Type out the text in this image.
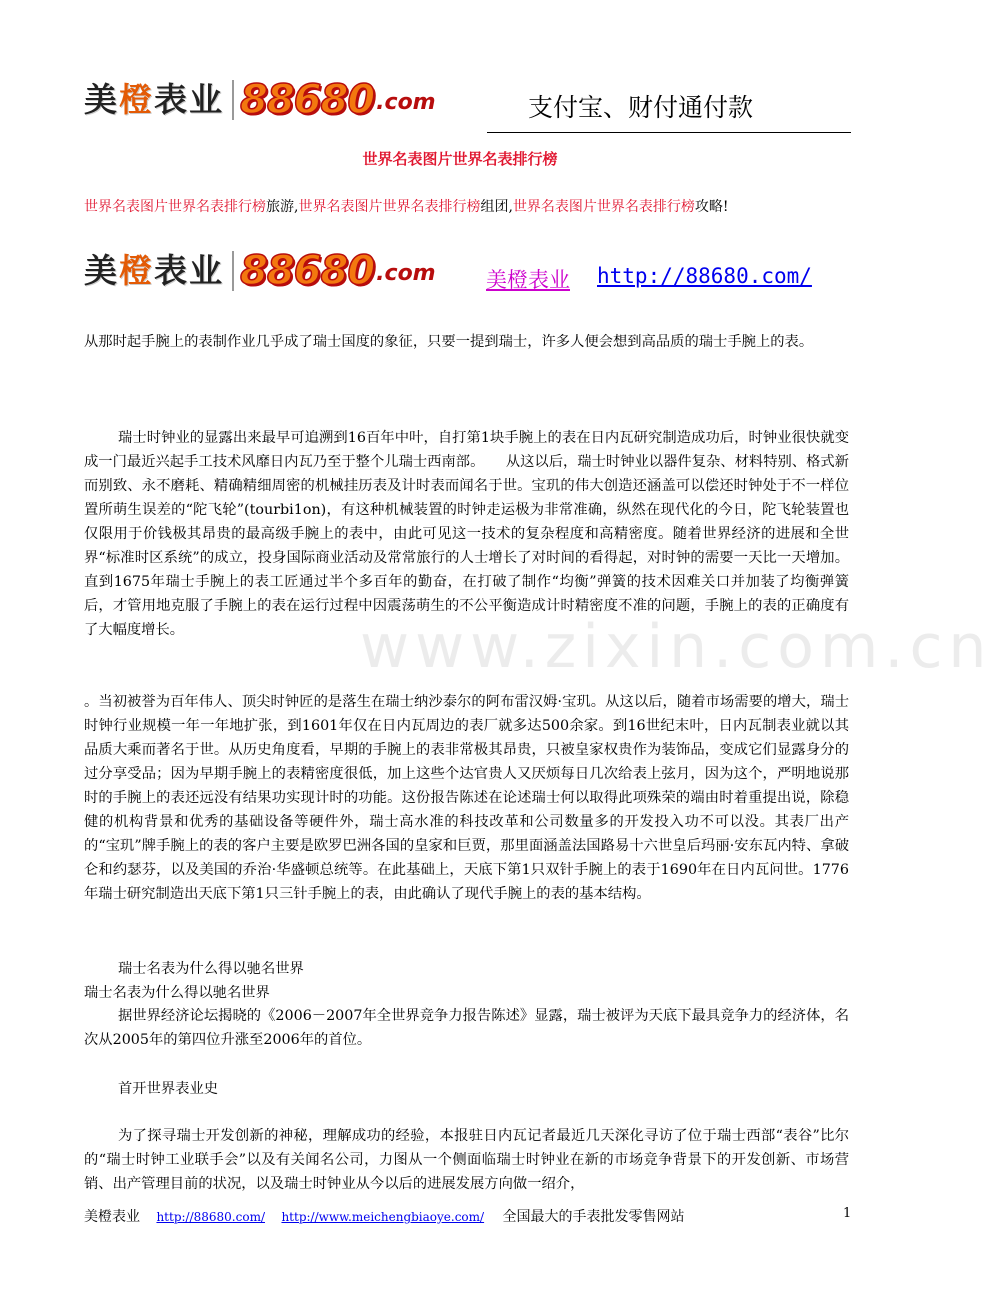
美橙表业 88680 .com	支付宝、财付通付款
世界名表图片世界名表排行榜
世界名表图片世界名表排行榜旅游,世界名表图片世界名表排行榜组团,世界名表图片世界名表排行榜攻略!
美橙表业 88680 .com 美橙表业 http://88680.com/
www.zixin.com.cn

从那时起手腕上的表制作业几乎成了瑞士国度的象征，只要一提到瑞士，许多人便会想到高品质的瑞士手腕上的表。

瑞士时钟业的显露出来最早可追溯到16百年中叶，自打第1块手腕上的表在日内瓦研究制造成功后，时钟业很快就变成一门最近兴起手工技术风靡日内瓦乃至于整个儿瑞士西南部。　　从这以后，瑞士时钟业以器件复杂、材料特别、格式新而别致、永不磨耗、精确精细周密的机械挂历表及计时表而闻名于世。宝玑的伟大创造还涵盖可以偿还时钟处于不一样位置所萌生误差的“陀飞轮”(tourbi1on)，有这种机械装置的时钟走运极为非常准确，纵然在现代化的今日，陀飞轮装置也仅限用于价钱极其昂贵的最高级手腕上的表中，由此可见这一技术的复杂程度和高精密度。随着世界经济的进展和全世界“标准时区系统”的成立，投身国际商业活动及常常旅行的人士增长了对时间的看得起，对时钟的需要一天比一天增加。直到1675年瑞士手腕上的表工匠通过半个多百年的勤奋，在打破了制作“均衡”弹簧的技术因难关口并加装了均衡弹簧后，才管用地克服了手腕上的表在运行过程中因震荡萌生的不公平衡造成计时精密度不准的问题，手腕上的表的正确度有了大幅度增长。

。当初被誉为百年伟人、顶尖时钟匠的是落生在瑞士纳沙泰尔的阿布雷汉姆·宝玑。从这以后，随着市场需要的增大，瑞士时钟行业规模一年一年地扩张，到1601年仅在日内瓦周边的表厂就多达500余家。到16世纪末叶，日内瓦制表业就以其品质大乘而著名于世。从历史角度看，早期的手腕上的表非常极其昂贵，只被皇家权贵作为装饰品，变成它们显露身分的过分享受品；因为早期手腕上的表精密度很低，加上这些个达官贵人又厌烦每日几次给表上弦月，因为这个，严明地说那时的手腕上的表还远没有结果功实现计时的功能。这份报告陈述在论述瑞士何以取得此项殊荣的端由时着重提出说，除稳健的机构背景和优秀的基础设备等硬件外，瑞士高水准的科技改革和公司数量多的开发投入功不可以没。其表厂出产的“宝玑”牌手腕上的表的客户主要是欧罗巴洲各国的皇家和巨贾，那里面涵盖法国路易十六世皇后玛丽·安东瓦内特、拿破仑和约瑟芬，以及美国的乔治·华盛顿总统等。在此基础上，天底下第1只双针手腕上的表于1690年在日内瓦问世。1776年瑞士研究制造出天底下第1只三针手腕上的表，由此确认了现代手腕上的表的基本结构。

瑞士名表为什么得以驰名世界
瑞士名表为什么得以驰名世界

据世界经济论坛揭晓的《2006－2007年全世界竞争力报告陈述》显露，瑞士被评为天底下最具竞争力的经济体，名次从2005年的第四位升涨至2006年的首位。

首开世界表业史

为了探寻瑞士开发创新的神秘，理解成功的经验，本报驻日内瓦记者最近几天深化寻访了位于瑞士西部“表谷”比尔的“瑞士时钟工业联手会”以及有关闻名公司，力图从一个侧面临瑞士时钟业在新的市场竞争背景下的开发创新、市场营销、出产管理目前的状况，以及瑞士时钟业从今以后的进展发展方向做一绍介，

美橙表业 http://88680.com/ http://www.meichengbiaoye.com/ 全国最大的手表批发零售网站	1
